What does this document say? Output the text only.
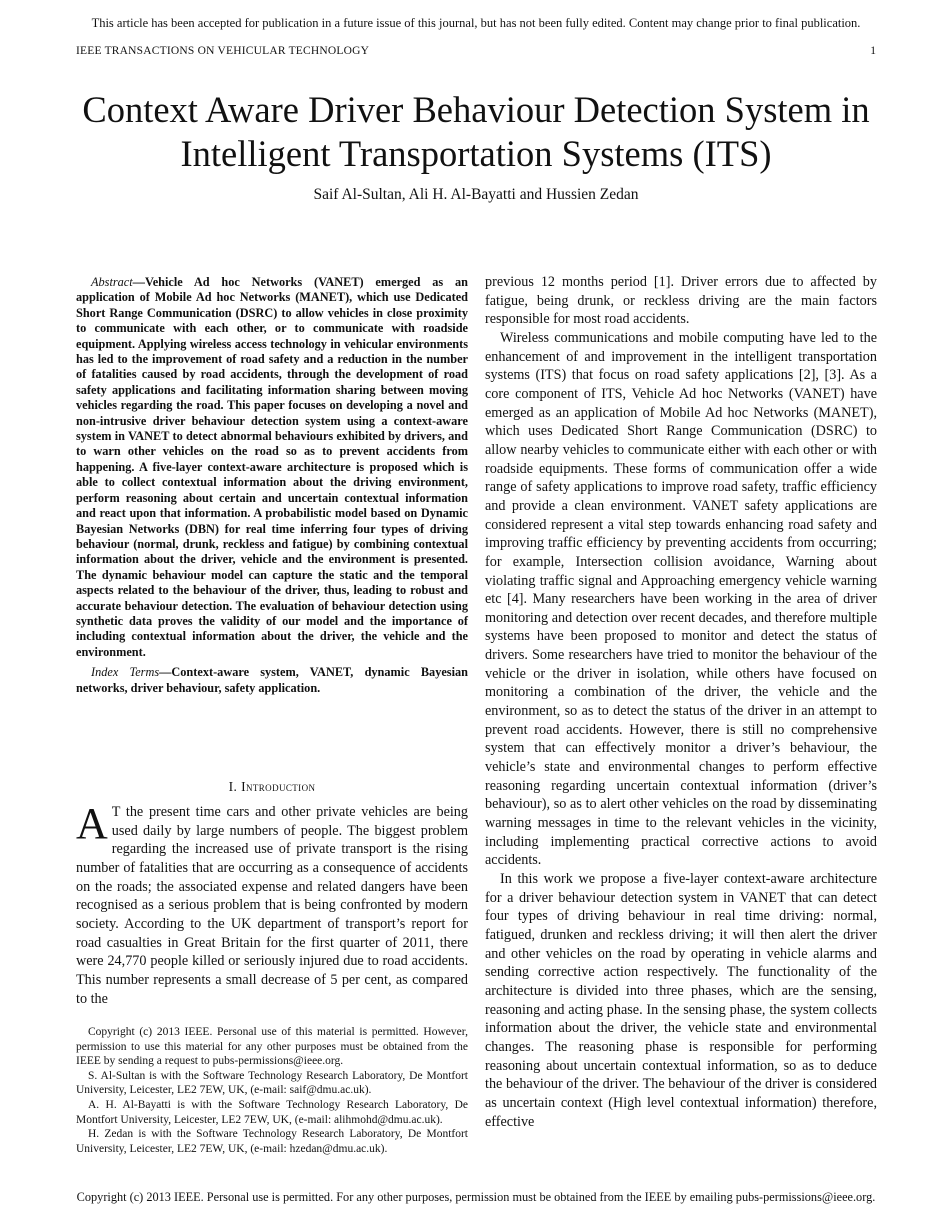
This article has been accepted for publication in a future issue of this journal, but has not been fully edited. Content may change prior to final publication.
IEEE TRANSACTIONS ON VEHICULAR TECHNOLOGY	1
Context Aware Driver Behaviour Detection System in Intelligent Transportation Systems (ITS)
Saif Al-Sultan, Ali H. Al-Bayatti and Hussien Zedan

Abstract—Vehicle Ad hoc Networks (VANET) emerged as an application of Mobile Ad hoc Networks (MANET), which use Dedicated Short Range Communication (DSRC) to allow vehicles in close proximity to communicate with each other, or to communicate with roadside equipment. Applying wireless access technology in vehicular environments has led to the improvement of road safety and a reduction in the number of fatalities caused by road accidents, through the development of road safety applications and facilitating information sharing between moving vehicles regarding the road. This paper focuses on developing a novel and non-intrusive driver behaviour detection system using a context-aware system in VANET to detect abnormal behaviours exhibited by drivers, and to warn other vehicles on the road so as to prevent accidents from happening. A five-layer context-aware architecture is proposed which is able to collect contextual information about the driving environment, perform reasoning about certain and uncertain contextual information and react upon that information. A probabilistic model based on Dynamic Bayesian Networks (DBN) for real time inferring four types of driving behaviour (normal, drunk, reckless and fatigue) by combining contextual information about the driver, vehicle and the environment is presented. The dynamic behaviour model can capture the static and the temporal aspects related to the behaviour of the driver, thus, leading to robust and accurate behaviour detection. The evaluation of behaviour detection using synthetic data proves the validity of our model and the importance of including contextual information about the driver, the vehicle and the environment.

Index Terms—Context-aware system, VANET, dynamic Bayesian networks, driver behaviour, safety application.

I. Introduction
A T the present time cars and other private vehicles are being used daily by large numbers of people. The biggest problem regarding the increased use of private transport is the rising number of fatalities that are occurring as a consequence of accidents on the roads; the associated expense and related dangers have been recognised as a serious problem that is being confronted by modern society. According to the UK department of transport’s report for road casualties in Great Britain for the first quarter of 2011, there were 24,770 people killed or seriously injured due to road accidents. This number represents a small decrease of 5 per cent, as compared to the

Copyright (c) 2013 IEEE. Personal use of this material is permitted. However, permission to use this material for any other purposes must be obtained from the IEEE by sending a request to pubs-permissions@ieee.org.

S. Al-Sultan is with the Software Technology Research Laboratory, De Montfort University, Leicester, LE2 7EW, UK, (e-mail: saif@dmu.ac.uk).

A. H. Al-Bayatti is with the Software Technology Research Laboratory, De Montfort University, Leicester, LE2 7EW, UK, (e-mail: alihmohd@dmu.ac.uk).

H. Zedan is with the Software Technology Research Laboratory, De Montfort University, Leicester, LE2 7EW, UK, (e-mail: hzedan@dmu.ac.uk).

previous 12 months period [1]. Driver errors due to affected by fatigue, being drunk, or reckless driving are the main factors responsible for most road accidents.

Wireless communications and mobile computing have led to the enhancement of and improvement in the intelligent transportation systems (ITS) that focus on road safety applications [2], [3]. As a core component of ITS, Vehicle Ad hoc Networks (VANET) have emerged as an application of Mobile Ad hoc Networks (MANET), which uses Dedicated Short Range Communication (DSRC) to allow nearby vehicles to communicate either with each other or with roadside equipments. These forms of communication offer a wide range of safety applications to improve road safety, traffic efficiency and provide a clean environment. VANET safety applications are considered represent a vital step towards enhancing road safety and improving traffic efficiency by preventing accidents from occurring; for example, Intersection collision avoidance, Warning about violating traffic signal and Approaching emergency vehicle warning etc [4]. Many researchers have been working in the area of driver monitoring and detection over recent decades, and therefore multiple systems have been proposed to monitor and detect the status of drivers. Some researchers have tried to monitor the behaviour of the vehicle or the driver in isolation, while others have focused on monitoring a combination of the driver, the vehicle and the environment, so as to detect the status of the driver in an attempt to prevent road accidents. However, there is still no comprehensive system that can effectively monitor a driver’s behaviour, the vehicle’s state and environmental changes to perform effective reasoning regarding uncertain contextual information (driver’s behaviour), so as to alert other vehicles on the road by disseminating warning messages in time to the relevant vehicles in the vicinity, including implementing practical corrective actions to avoid accidents.

In this work we propose a five-layer context-aware architecture for a driver behaviour detection system in VANET that can detect four types of driving behaviour in real time driving: normal, fatigued, drunken and reckless driving; it will then alert the driver and other vehicles on the road by operating in vehicle alarms and sending corrective action respectively. The functionality of the architecture is divided into three phases, which are the sensing, reasoning and acting phase. In the sensing phase, the system collects information about the driver, the vehicle state and environmental changes. The reasoning phase is responsible for performing reasoning about uncertain contextual information, so as to deduce the behaviour of the driver. The behaviour of the driver is considered as uncertain context (High level contextual information) therefore, effective

Copyright (c) 2013 IEEE. Personal use is permitted. For any other purposes, permission must be obtained from the IEEE by emailing pubs-permissions@ieee.org.
